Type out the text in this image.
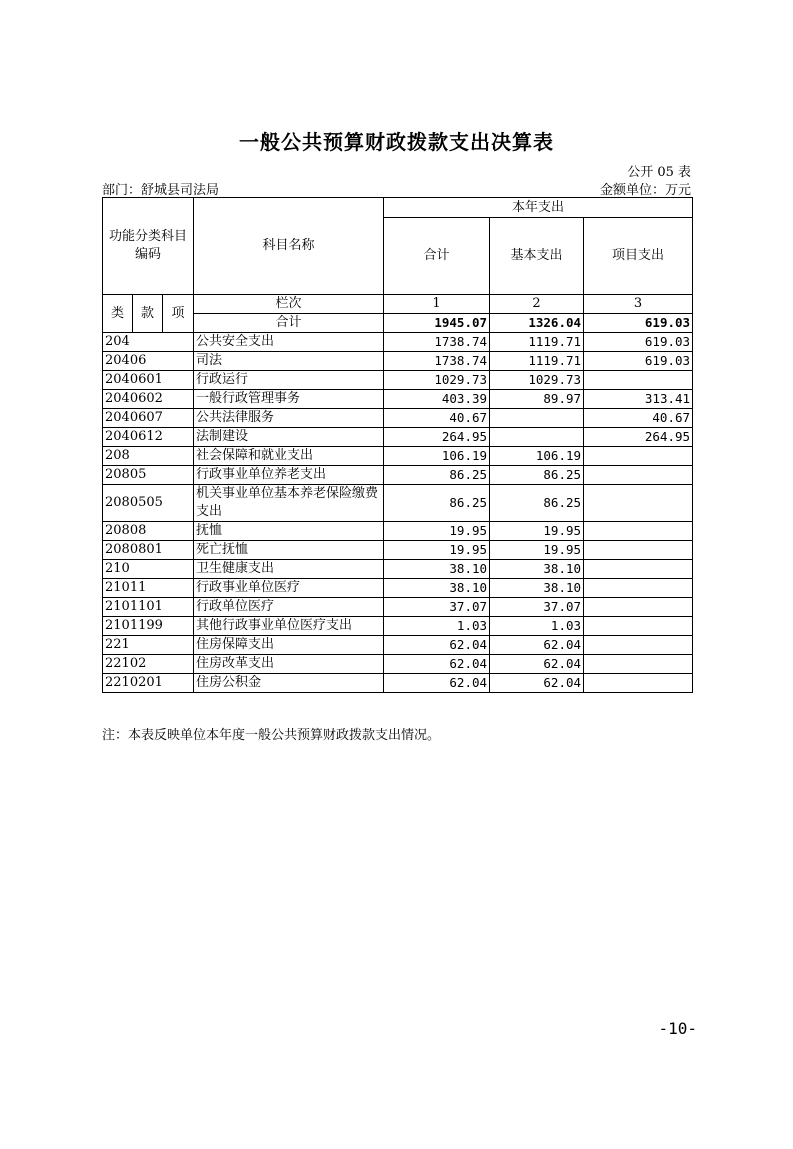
一般公共预算财政拨款支出决算表
公开 05 表
部门：舒城县司法局	金额单位：万元
功能分类科目编码			科目名称	本年支出		
				合计	基本支出	项目支出
类	款	项	栏次	1	2	3
			合计	1945.07	1326.04	619.03
204			公共安全支出	1738.74	1119.71	619.03
20406			司法	1738.74	1119.71	619.03
2040601			行政运行	1029.73	1029.73	
2040602			一般行政管理事务	403.39	89.97	313.41
2040607			公共法律服务	40.67		40.67
2040612			法制建设	264.95		264.95
208			社会保障和就业支出	106.19	106.19	
20805			行政事业单位养老支出	86.25	86.25	
2080505			机关事业单位基本养老保险缴费支出	86.25	86.25	
20808			抚恤	19.95	19.95	
2080801			死亡抚恤	19.95	19.95	
210			卫生健康支出	38.10	38.10	
21011			行政事业单位医疗	38.10	38.10	
2101101			行政单位医疗	37.07	37.07	
2101199			其他行政事业单位医疗支出	1.03	1.03	
221			住房保障支出	62.04	62.04	
22102			住房改革支出	62.04	62.04	
2210201			住房公积金	62.04	62.04	
注：本表反映单位本年度一般公共预算财政拨款支出情况。
-10-
